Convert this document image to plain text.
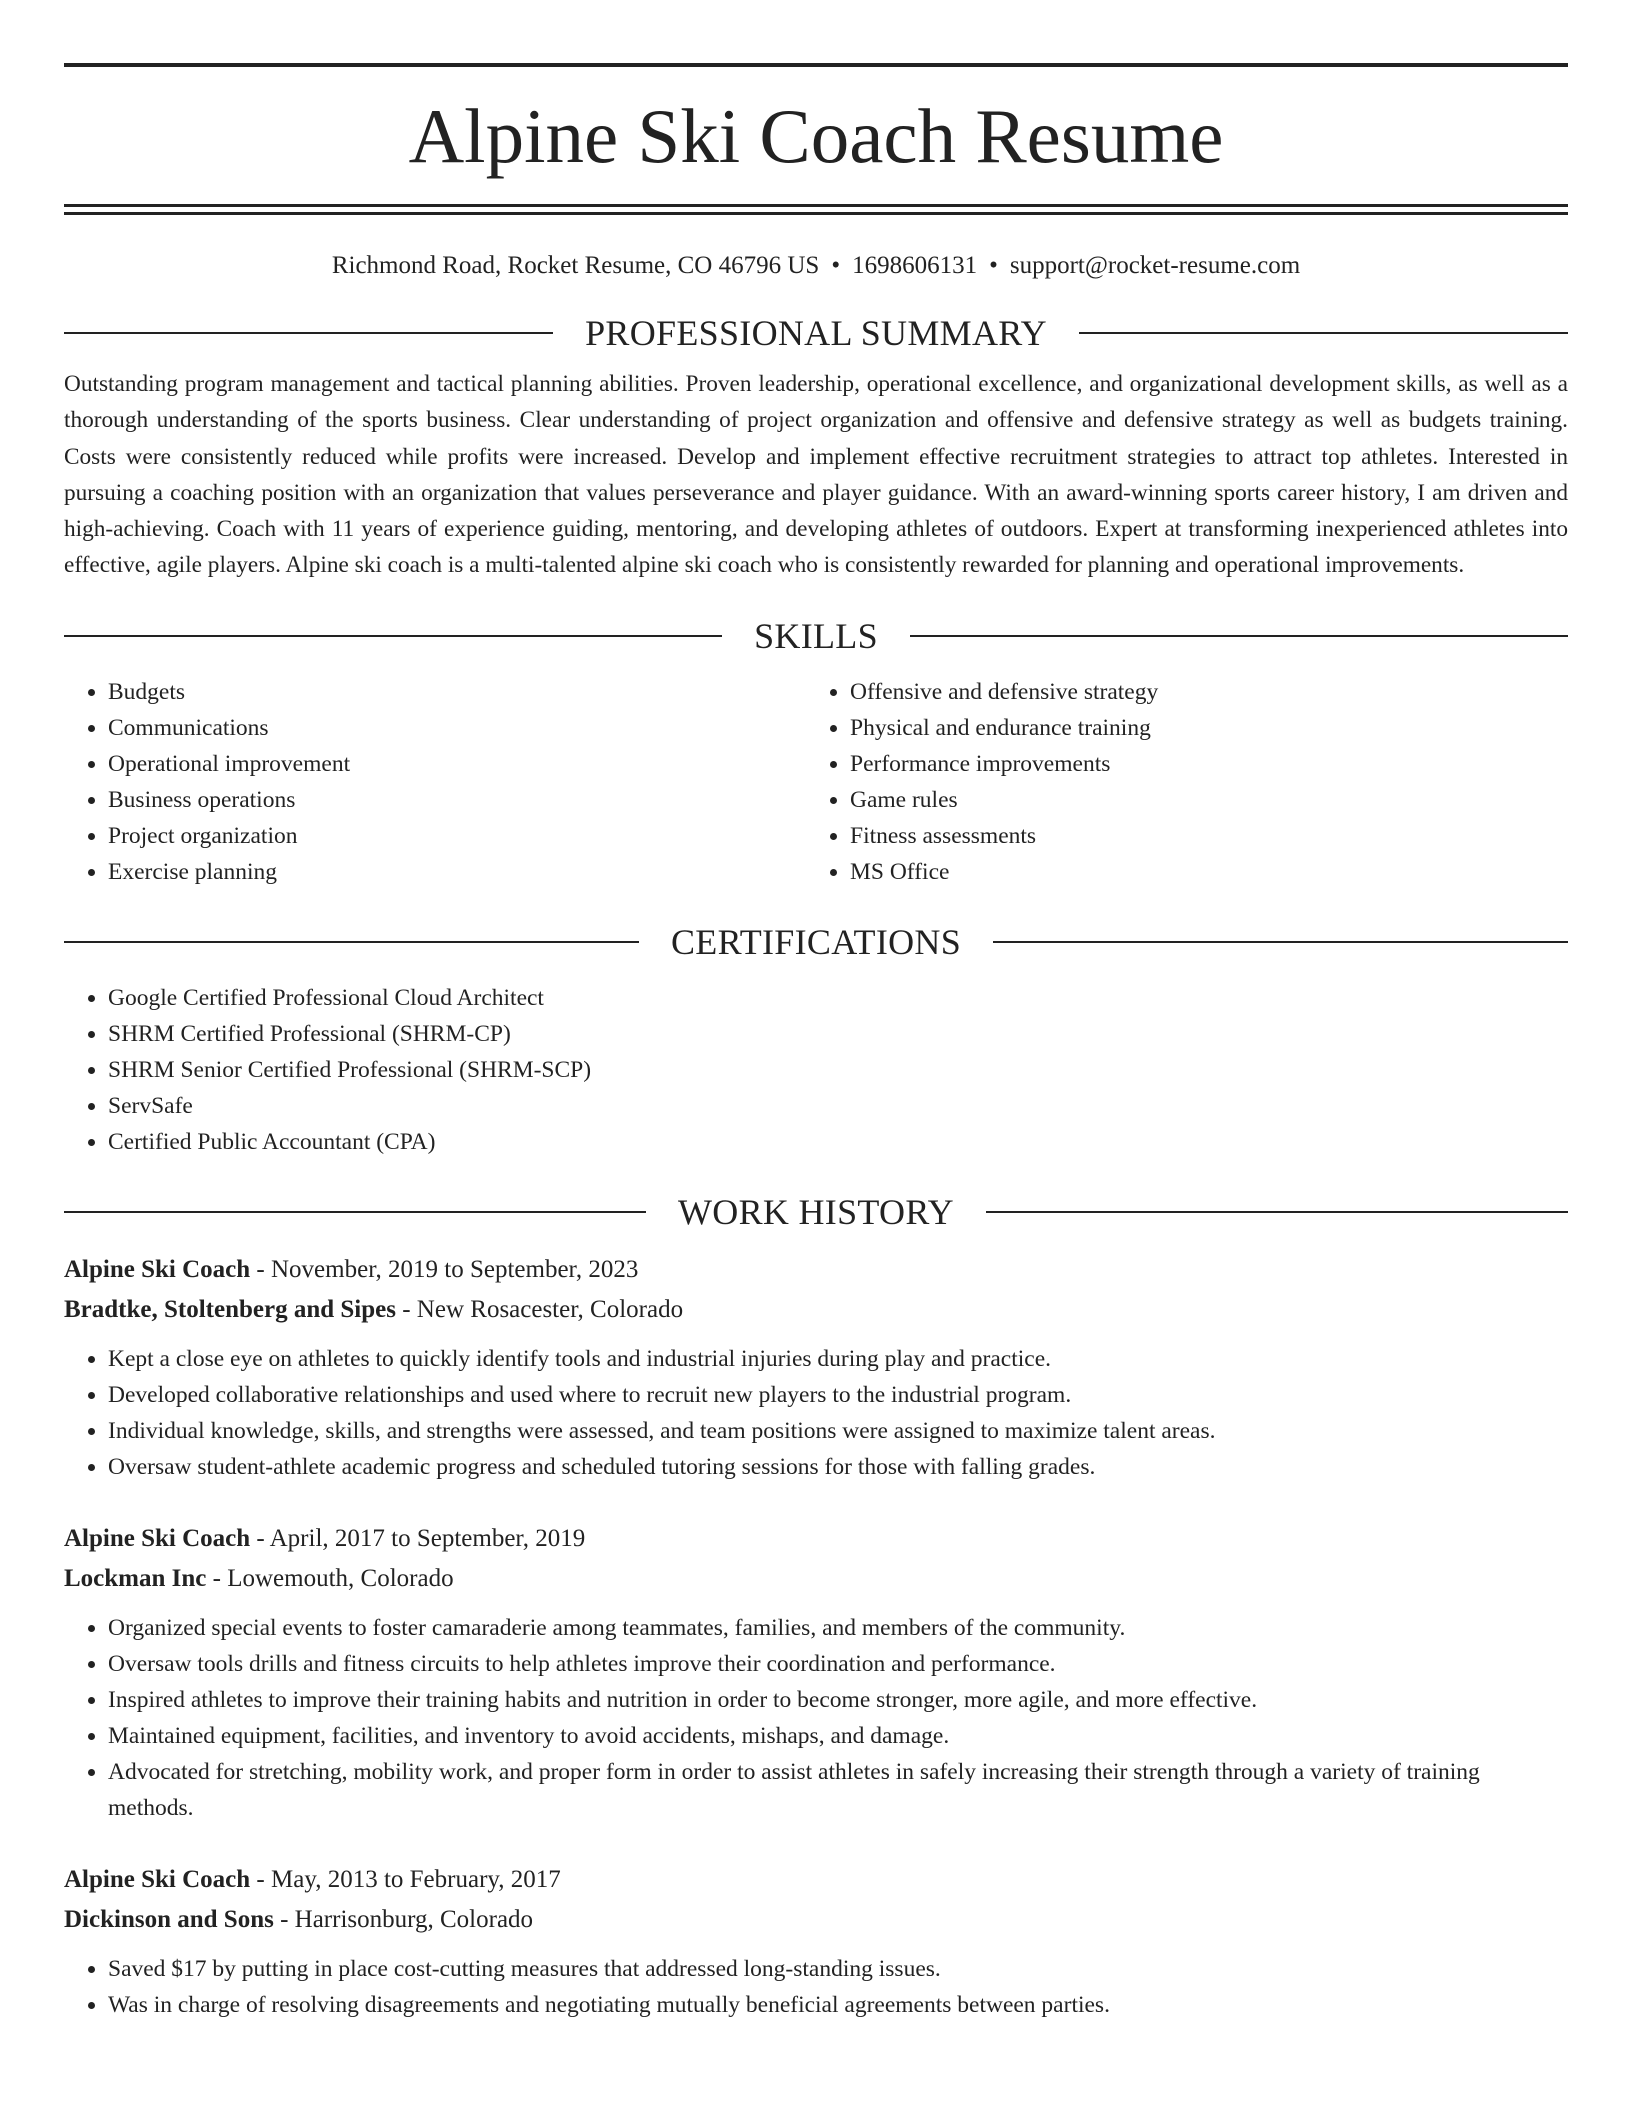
Alpine Ski Coach Resume
Richmond Road, Rocket Resume, CO 46796 US • 1698606131 • support@rocket-resume.com
PROFESSIONAL SUMMARY
Outstanding program management and tactical planning abilities. Proven leadership, operational excellence, and organizational development skills, as well as a thorough understanding of the sports business. Clear understanding of project organization and offensive and defensive strategy as well as budgets training. Costs were consistently reduced while profits were increased. Develop and implement effective recruitment strategies to attract top athletes. Interested in pursuing a coaching position with an organization that values perseverance and player guidance. With an award-winning sports career history, I am driven and high-achieving. Coach with 11 years of experience guiding, mentoring, and developing athletes of outdoors. Expert at transforming inexperienced athletes into effective, agile players. Alpine ski coach is a multi-talented alpine ski coach who is consistently rewarded for planning and operational improvements.
SKILLS
• Budgets
• Communications
• Operational improvement
• Business operations
• Project organization
• Exercise planning
• Offensive and defensive strategy
• Physical and endurance training
• Performance improvements
• Game rules
• Fitness assessments
• MS Office
CERTIFICATIONS
• Google Certified Professional Cloud Architect
• SHRM Certified Professional (SHRM-CP)
• SHRM Senior Certified Professional (SHRM-SCP)
• ServSafe
• Certified Public Accountant (CPA)
WORK HISTORY
Alpine Ski Coach - November, 2019 to September, 2023
Bradtke, Stoltenberg and Sipes - New Rosacester, Colorado
• Kept a close eye on athletes to quickly identify tools and industrial injuries during play and practice.
• Developed collaborative relationships and used where to recruit new players to the industrial program.
• Individual knowledge, skills, and strengths were assessed, and team positions were assigned to maximize talent areas.
• Oversaw student-athlete academic progress and scheduled tutoring sessions for those with falling grades.
Alpine Ski Coach - April, 2017 to September, 2019
Lockman Inc - Lowemouth, Colorado
• Organized special events to foster camaraderie among teammates, families, and members of the community.
• Oversaw tools drills and fitness circuits to help athletes improve their coordination and performance.
• Inspired athletes to improve their training habits and nutrition in order to become stronger, more agile, and more effective.
• Maintained equipment, facilities, and inventory to avoid accidents, mishaps, and damage.
• Advocated for stretching, mobility work, and proper form in order to assist athletes in safely increasing their strength through a variety of training methods.
Alpine Ski Coach - May, 2013 to February, 2017
Dickinson and Sons - Harrisonburg, Colorado
• Saved $17 by putting in place cost-cutting measures that addressed long-standing issues.
• Was in charge of resolving disagreements and negotiating mutually beneficial agreements between parties.
